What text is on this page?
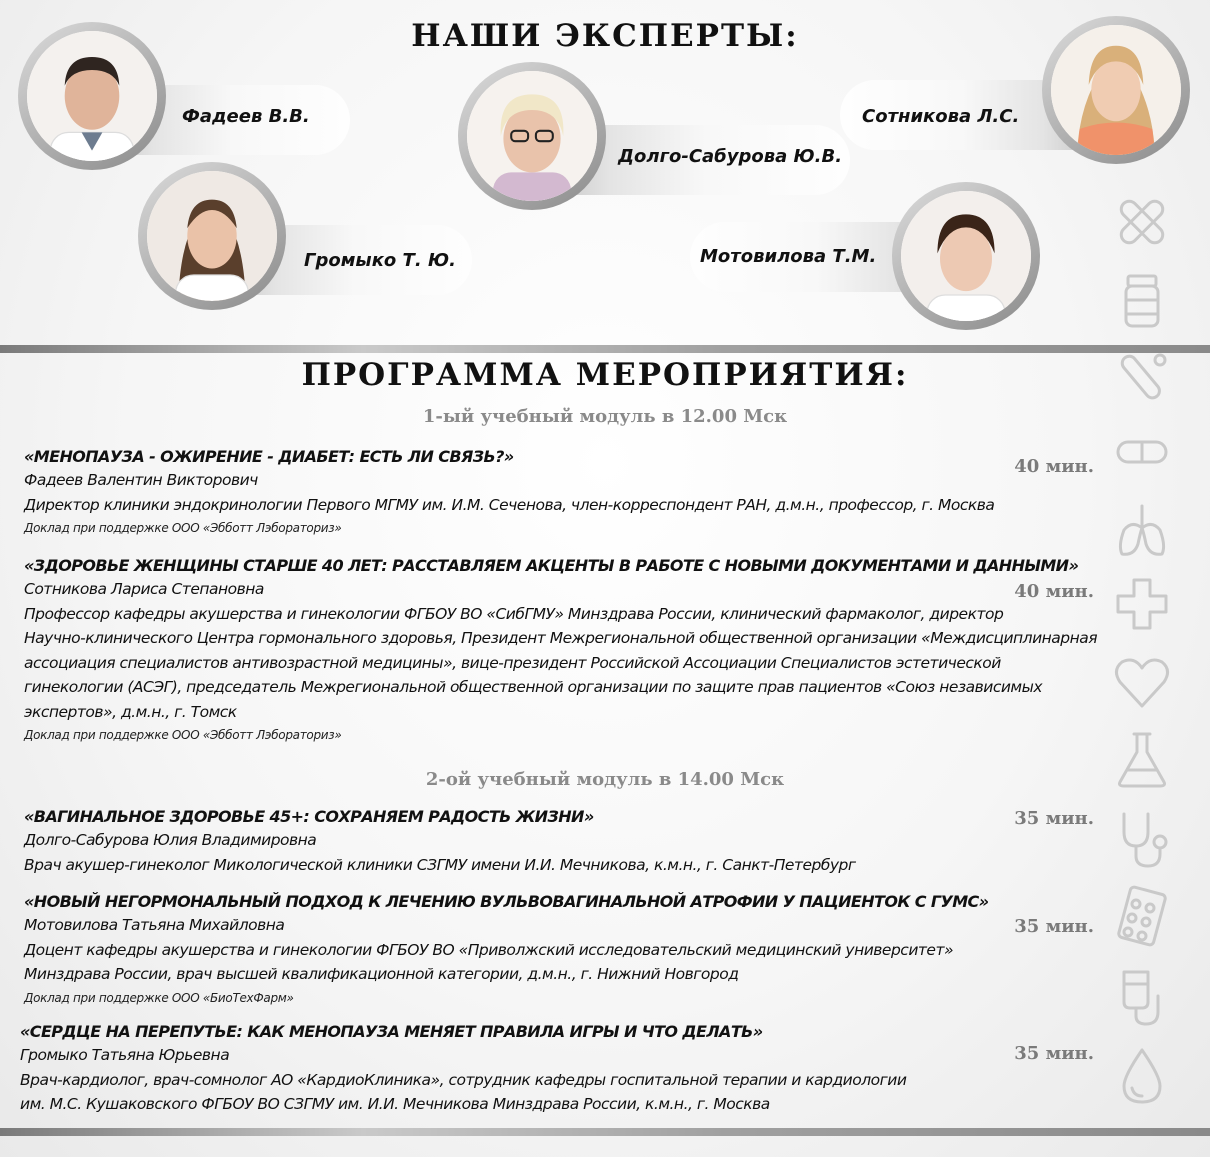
НАШИ ЭКСПЕРТЫ:
Фадеев В.В.
Громыко Т. Ю.
Долго-Сабурова Ю.В.
Мотовилова Т.М.
Сотникова Л.С.
ПРОГРАММА МЕРОПРИЯТИЯ:
1-ый учебный модуль в 12.00 Мск
«МЕНОПАУЗА - ОЖИРЕНИЕ - ДИАБЕТ: ЕСТЬ ЛИ СВЯЗЬ?»
Фадеев Валентин Викторович
Директор клиники эндокринологии Первого МГМУ им. И.М. Сеченова, член-корреспондент РАН, д.м.н., профессор, г. Москва
Доклад при поддержке ООО «Эбботт Лэбораториз»
40 мин.
«ЗДОРОВЬЕ ЖЕНЩИНЫ СТАРШЕ 40 ЛЕТ: РАССТАВЛЯЕМ АКЦЕНТЫ В РАБОТЕ С НОВЫМИ ДОКУМЕНТАМИ И ДАННЫМИ»
Сотникова Лариса Степановна
Профессор кафедры акушерства и гинекологии ФГБОУ ВО «СибГМУ» Минздрава России, клинический фармаколог, директор
Научно-клинического Центра гормонального здоровья, Президент Межрегиональной общественной организации «Междисциплинарная
ассоциация специалистов антивозрастной медицины», вице-президент Российской Ассоциации Специалистов эстетической
гинекологии (АСЭГ), председатель Межрегиональной общественной организации по защите прав пациентов «Союз независимых
экспертов», д.м.н., г. Томск
Доклад при поддержке ООО «Эбботт Лэбораториз»
40 мин.
2-ой учебный модуль в 14.00 Мск
«ВАГИНАЛЬНОЕ ЗДОРОВЬЕ 45+: СОХРАНЯЕМ РАДОСТЬ ЖИЗНИ»
Долго-Сабурова Юлия Владимировна
Врач акушер-гинеколог Микологической клиники СЗГМУ имени И.И. Мечникова, к.м.н., г. Санкт-Петербург
35 мин.
«НОВЫЙ НЕГОРМОНАЛЬНЫЙ ПОДХОД К ЛЕЧЕНИЮ ВУЛЬВОВАГИНАЛЬНОЙ АТРОФИИ У ПАЦИЕНТОК С ГУМС»
Мотовилова Татьяна Михайловна
Доцент кафедры акушерства и гинекологии ФГБОУ ВО «Приволжский исследовательский медицинский университет»
Минздрава России, врач высшей квалификационной категории, д.м.н., г. Нижний Новгород
Доклад при поддержке ООО «БиоТехФарм»
35 мин.
«СЕРДЦЕ НА ПЕРЕПУТЬЕ: КАК МЕНОПАУЗА МЕНЯЕТ ПРАВИЛА ИГРЫ И ЧТО ДЕЛАТЬ»
Громыко Татьяна Юрьевна
Врач-кардиолог, врач-сомнолог АО «КардиоКлиника», сотрудник кафедры госпитальной терапии и кардиологии
им. М.С. Кушаковского ФГБОУ ВО СЗГМУ им. И.И. Мечникова Минздрава России, к.м.н., г. Москва
35 мин.
